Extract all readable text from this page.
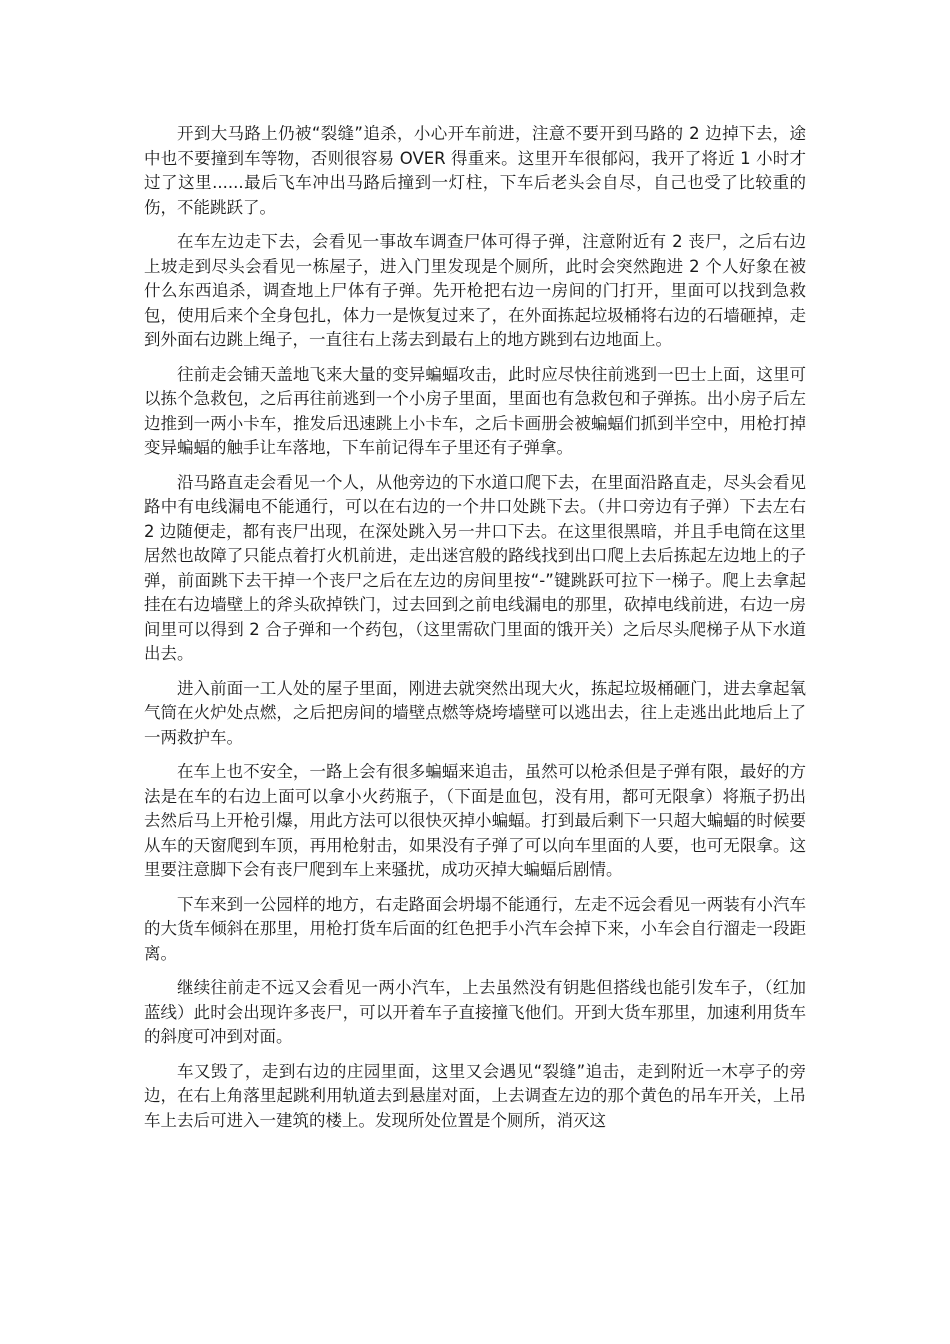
开到大马路上仍被“裂缝”追杀，小心开车前进，注意不要开到马路的 2 边掉下去，途中也不要撞到车等物，否则很容易 OVER 得重来。这里开车很郁闷，我开了将近 1 小时才过了这里......最后飞车冲出马路后撞到一灯柱，下车后老头会自尽，自己也受了比较重的伤，不能跳跃了。

在车左边走下去，会看见一事故车调查尸体可得子弹，注意附近有 2 丧尸，之后右边上坡走到尽头会看见一栋屋子，进入门里发现是个厕所，此时会突然跑进 2 个人好象在被什么东西追杀，调查地上尸体有子弹。先开枪把右边一房间的门打开，里面可以找到急救包，使用后来个全身包扎，体力一是恢复过来了，在外面拣起垃圾桶将右边的石墙砸掉，走到外面右边跳上绳子，一直往右上荡去到最右上的地方跳到右边地面上。

往前走会铺天盖地飞来大量的变异蝙蝠攻击，此时应尽快往前逃到一巴士上面，这里可以拣个急救包，之后再往前逃到一个小房子里面，里面也有急救包和子弹拣。出小房子后左边推到一两小卡车，推发后迅速跳上小卡车，之后卡画册会被蝙蝠们抓到半空中，用枪打掉变异蝙蝠的触手让车落地，下车前记得车子里还有子弹拿。

沿马路直走会看见一个人，从他旁边的下水道口爬下去，在里面沿路直走，尽头会看见路中有电线漏电不能通行，可以在右边的一个井口处跳下去。（井口旁边有子弹）下去左右 2 边随便走，都有丧尸出现，在深处跳入另一井口下去。在这里很黑暗，并且手电筒在这里居然也故障了只能点着打火机前进，走出迷宫般的路线找到出口爬上去后拣起左边地上的子弹，前面跳下去干掉一个丧尸之后在左边的房间里按“-”键跳跃可拉下一梯子。爬上去拿起挂在右边墙壁上的斧头砍掉铁门，过去回到之前电线漏电的那里，砍掉电线前进，右边一房间里可以得到 2 合子弹和一个药包，（这里需砍门里面的饿开关）之后尽头爬梯子从下水道出去。

进入前面一工人处的屋子里面，刚进去就突然出现大火，拣起垃圾桶砸门，进去拿起氧气筒在火炉处点燃，之后把房间的墙壁点燃等烧垮墙壁可以逃出去，往上走逃出此地后上了一两救护车。

在车上也不安全，一路上会有很多蝙蝠来追击，虽然可以枪杀但是子弹有限，最好的方法是在车的右边上面可以拿小火药瓶子，（下面是血包，没有用，都可无限拿）将瓶子扔出去然后马上开枪引爆，用此方法可以很快灭掉小蝙蝠。打到最后剩下一只超大蝙蝠的时候要从车的天窗爬到车顶，再用枪射击，如果没有子弹了可以向车里面的人要，也可无限拿。这里要注意脚下会有丧尸爬到车上来骚扰，成功灭掉大蝙蝠后剧情。

下车来到一公园样的地方，右走路面会坍塌不能通行，左走不远会看见一两装有小汽车的大货车倾斜在那里，用枪打货车后面的红色把手小汽车会掉下来，小车会自行溜走一段距离。

继续往前走不远又会看见一两小汽车，上去虽然没有钥匙但搭线也能引发车子，（红加蓝线）此时会出现许多丧尸，可以开着车子直接撞飞他们。开到大货车那里，加速利用货车的斜度可冲到对面。

车又毁了，走到右边的庄园里面，这里又会遇见“裂缝”追击，走到附近一木亭子的旁边，在右上角落里起跳利用轨道去到悬崖对面，上去调查左边的那个黄色的吊车开关，上吊车上去后可进入一建筑的楼上。发现所处位置是个厕所，消灭这
